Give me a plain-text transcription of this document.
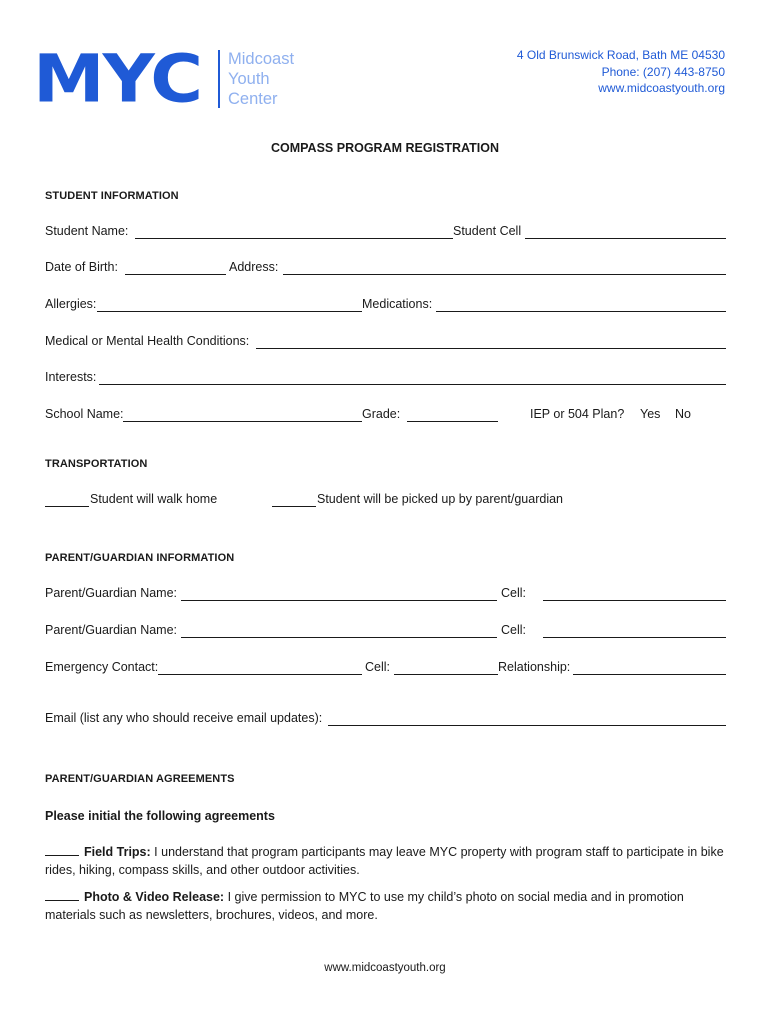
MYC Midcoast
Youth
Center
4 Old Brunswick Road, Bath ME 04530
Phone: (207) 443-8750
www.midcoastyouth.org
COMPASS PROGRAM REGISTRATION
STUDENT INFORMATION
Student Name:	Student Cell
Date of Birth:	Address:
Allergies:	Medications:
Medical or Mental Health Conditions:
Interests:
School Name:	Grade:	IEP or 504 Plan? Yes No
TRANSPORTATION
Student will walk home	Student will be picked up by parent/guardian
PARENT/GUARDIAN INFORMATION
Parent/Guardian Name:	Cell:
Parent/Guardian Name:	Cell:
Emergency Contact:	Cell:	Relationship:
Email (list any who should receive email updates):
PARENT/GUARDIAN AGREEMENTS
Please initial the following agreements
Field Trips: I understand that program participants may leave MYC property with program staff to participate in bike rides, hiking, compass skills, and other outdoor activities.
Photo & Video Release: I give permission to MYC to use my child’s photo on social media and in promotion materials such as newsletters, brochures, videos, and more.
www.midcoastyouth.org
